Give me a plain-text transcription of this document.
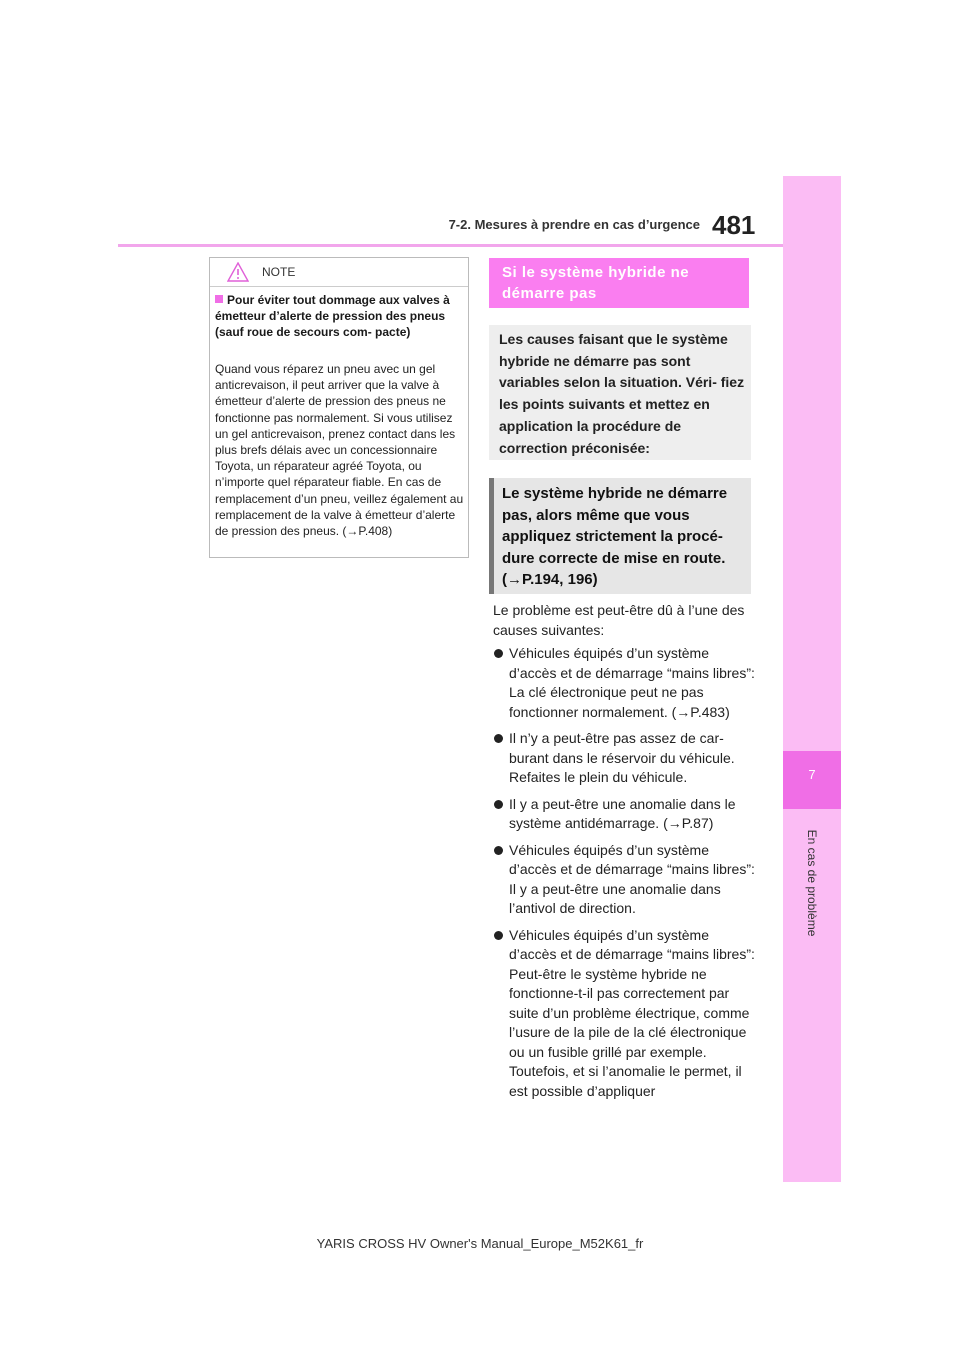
7-2. Mesures à prendre en cas d’urgence 481
7
En cas de problème
NOTE
Pour éviter tout dommage aux valves à émetteur d’alerte de pression des pneus (sauf roue de secours com- pacte)
Quand vous réparez un pneu avec un gel anticrevaison, il peut arriver que la valve à émetteur d’alerte de pression des pneus ne fonctionne pas normalement. Si vous utilisez un gel anticrevaison, prenez contact dans les plus brefs délais avec un concessionnaire Toyota, un réparateur agréé Toyota, ou n’importe quel réparateur fiable. En cas de remplacement d’un pneu, veillez également au remplacement de la valve à émetteur d’alerte de pression des pneus. (→P.408)
Si le système hybride ne démarre pas
Les causes faisant que le système hybride ne démarre pas sont variables selon la situation. Véri- fiez les points suivants et mettez en application la procédure de correction préconisée:
Le système hybride ne démarre pas, alors même que vous appliquez strictement la procé- dure correcte de mise en route. (→P.194, 196)
Le problème est peut-être dû à l’une des causes suivantes:
Véhicules équipés d’un système d’accès et de démarrage “mains libres”: La clé électronique peut ne pas fonctionner normalement. (→P.483)
Il n’y a peut-être pas assez de car- burant dans le réservoir du véhicule. Refaites le plein du véhicule.
Il y a peut-être une anomalie dans le système antidémarrage. (→P.87)
Véhicules équipés d’un système d’accès et de démarrage “mains libres”: Il y a peut-être une anomalie dans l’antivol de direction.
Véhicules équipés d’un système d’accès et de démarrage “mains libres”: Peut-être le système hybride ne fonctionne-t-il pas correctement par suite d’un problème électrique, comme l’usure de la pile de la clé électronique ou un fusible grillé par exemple. Toutefois, et si l’anomalie le permet, il est possible d’appliquer
YARIS CROSS HV Owner's Manual_Europe_M52K61_fr
